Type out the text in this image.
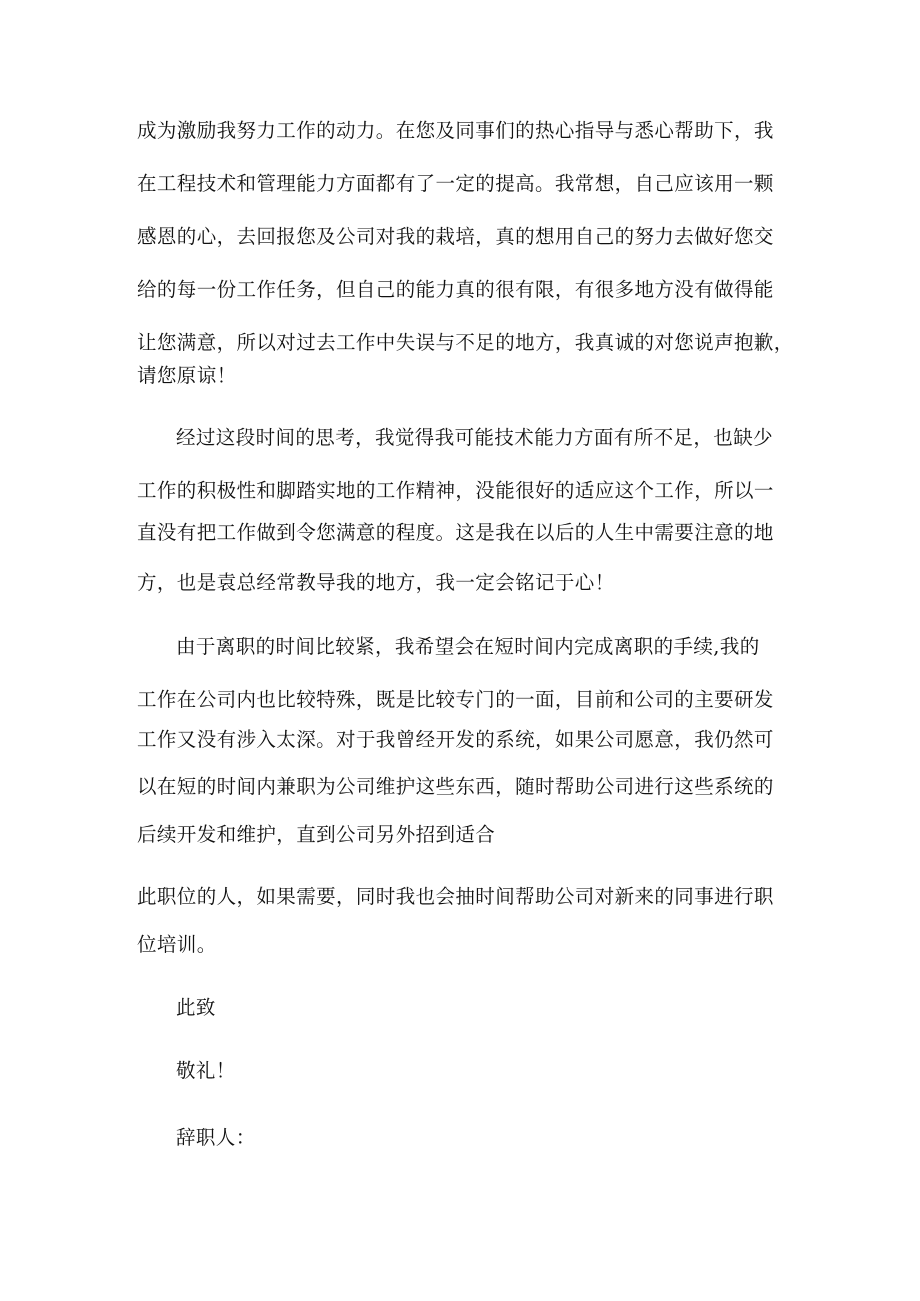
成为激励我努力工作的动力。在您及同事们的热心指导与悉心帮助下，我
在工程技术和管理能力方面都有了一定的提高。我常想，自己应该用一颗
感恩的心，去回报您及公司对我的栽培，真的想用自己的努力去做好您交
给的每一份工作任务，但自己的能力真的很有限，有很多地方没有做得能
让您满意，所以对过去工作中失误与不足的地方，我真诚的对您说声抱歉，
请您原谅！
经过这段时间的思考，我觉得我可能技术能力方面有所不足，也缺少
工作的积极性和脚踏实地的工作精神，没能很好的适应这个工作，所以一
直没有把工作做到令您满意的程度。这是我在以后的人生中需要注意的地
方，也是袁总经常教导我的地方，我一定会铭记于心！
由于离职的时间比较紧，我希望会在短时间内完成离职的手续,我的
工作在公司内也比较特殊，既是比较专门的一面，目前和公司的主要研发
工作又没有涉入太深。对于我曾经开发的系统，如果公司愿意，我仍然可
以在短的时间内兼职为公司维护这些东西，随时帮助公司进行这些系统的
后续开发和维护，直到公司另外招到适合
此职位的人，如果需要，同时我也会抽时间帮助公司对新来的同事进行职
位培训。
此致
敬礼！
辞职人：
